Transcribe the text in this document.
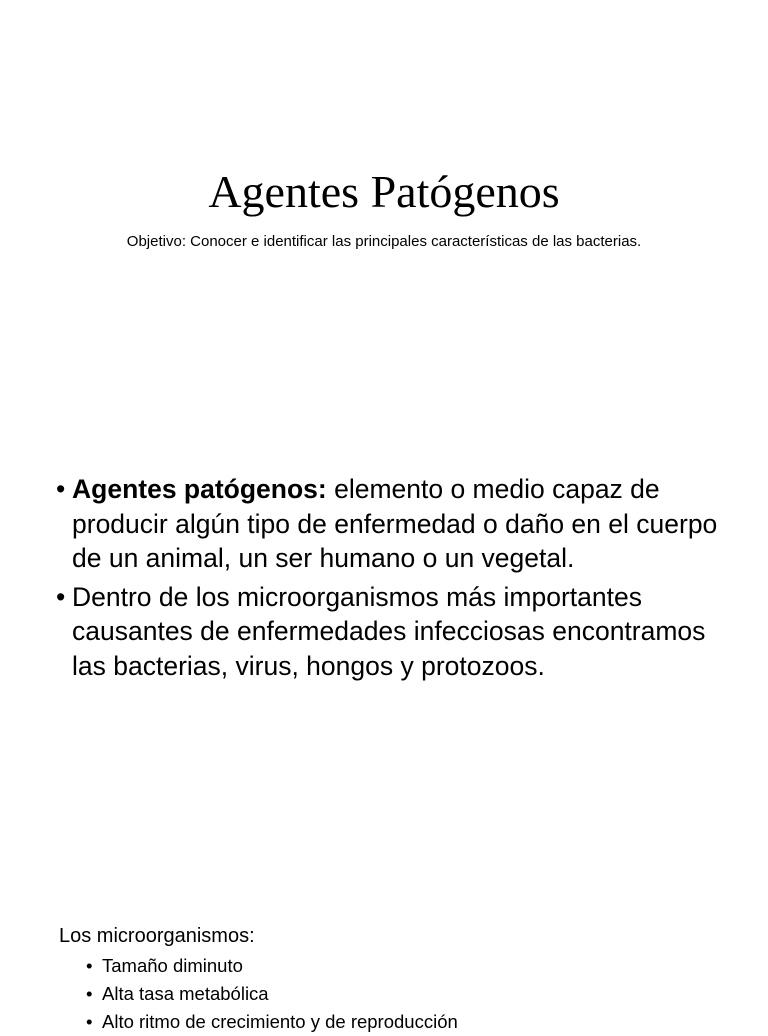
Agentes Patógenos
Objetivo: Conocer e identificar las principales características de las bacterias.
• Agentes patógenos: elemento o medio capaz de producir algún tipo de enfermedad o daño en el cuerpo de un animal, un ser humano o un vegetal.
• Dentro de los microorganismos más importantes causantes de enfermedades infecciosas encontramos las bacterias, virus, hongos y protozoos.
Los microorganismos:
• Tamaño diminuto
• Alta tasa metabólica
• Alto ritmo de crecimiento y de reproducción
